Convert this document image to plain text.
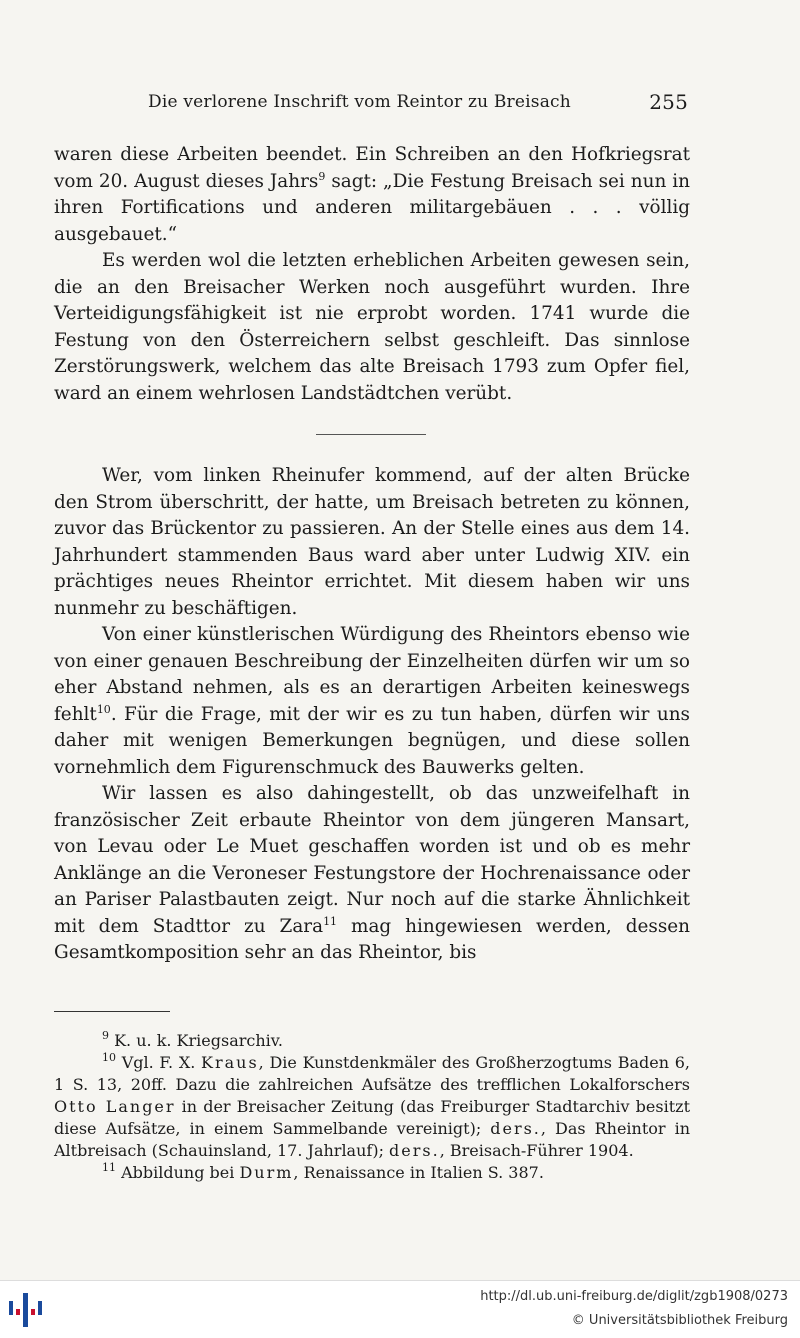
Die verlorene Inschrift vom Reintor zu Breisach	255

waren diese Arbeiten beendet. Ein Schreiben an den Hofkriegsrat vom 20. August dieses Jahrs$^9$ sagt: „Die Festung Breisach sei nun in ihren Fortifications und anderen militargebäuen . . . völlig ausgebauet.“

Es werden wol die letzten erheblichen Arbeiten gewesen sein, die an den Breisacher Werken noch ausgeführt wurden. Ihre Verteidigungsfähigkeit ist nie erprobt worden. 1741 wurde die Festung von den Österreichern selbst geschleift. Das sinnlose Zerstörungswerk, welchem das alte Breisach 1793 zum Opfer fiel, ward an einem wehrlosen Landstädtchen verübt.

Wer, vom linken Rheinufer kommend, auf der alten Brücke den Strom überschritt, der hatte, um Breisach betreten zu können, zuvor das Brückentor zu passieren. An der Stelle eines aus dem 14. Jahrhundert stammenden Baus ward aber unter Ludwig XIV. ein prächtiges neues Rheintor errichtet. Mit diesem haben wir uns nunmehr zu beschäftigen.

Von einer künstlerischen Würdigung des Rheintors ebenso wie von einer genauen Beschreibung der Einzelheiten dürfen wir um so eher Abstand nehmen, als es an derartigen Arbeiten keineswegs fehlt$^{10}$. Für die Frage, mit der wir es zu tun haben, dürfen wir uns daher mit wenigen Bemerkungen begnügen, und diese sollen vornehmlich dem Figurenschmuck des Bauwerks gelten.

Wir lassen es also dahingestellt, ob das unzweifelhaft in französischer Zeit erbaute Rheintor von dem jüngeren Mansart, von Levau oder Le Muet geschaffen worden ist und ob es mehr Anklänge an die Veroneser Festungstore der Hochrenaissance oder an Pariser Palastbauten zeigt. Nur noch auf die starke Ähnlichkeit mit dem Stadttor zu Zara$^{11}$ mag hingewiesen werden, dessen Gesamtkomposition sehr an das Rheintor, bis

$^9$ K. u. k. Kriegsarchiv.

$^{10}$ Vgl. F. X. Kraus, Die Kunstdenkmäler des Großherzogtums Baden 6, 1 S. 13, 20ff. Dazu die zahlreichen Aufsätze des trefflichen Lokalforschers Otto Langer in der Breisacher Zeitung (das Freiburger Stadtarchiv besitzt diese Aufsätze, in einem Sammelbande vereinigt); ders., Das Rheintor in Altbreisach (Schauinsland, 17. Jahrlauf); ders., Breisach-Führer 1904.

$^{11}$ Abbildung bei Durm, Renaissance in Italien S. 387.

http://dl.ub.uni-freiburg.de/diglit/zgb1908/0273
© Universitätsbibliothek Freiburg
